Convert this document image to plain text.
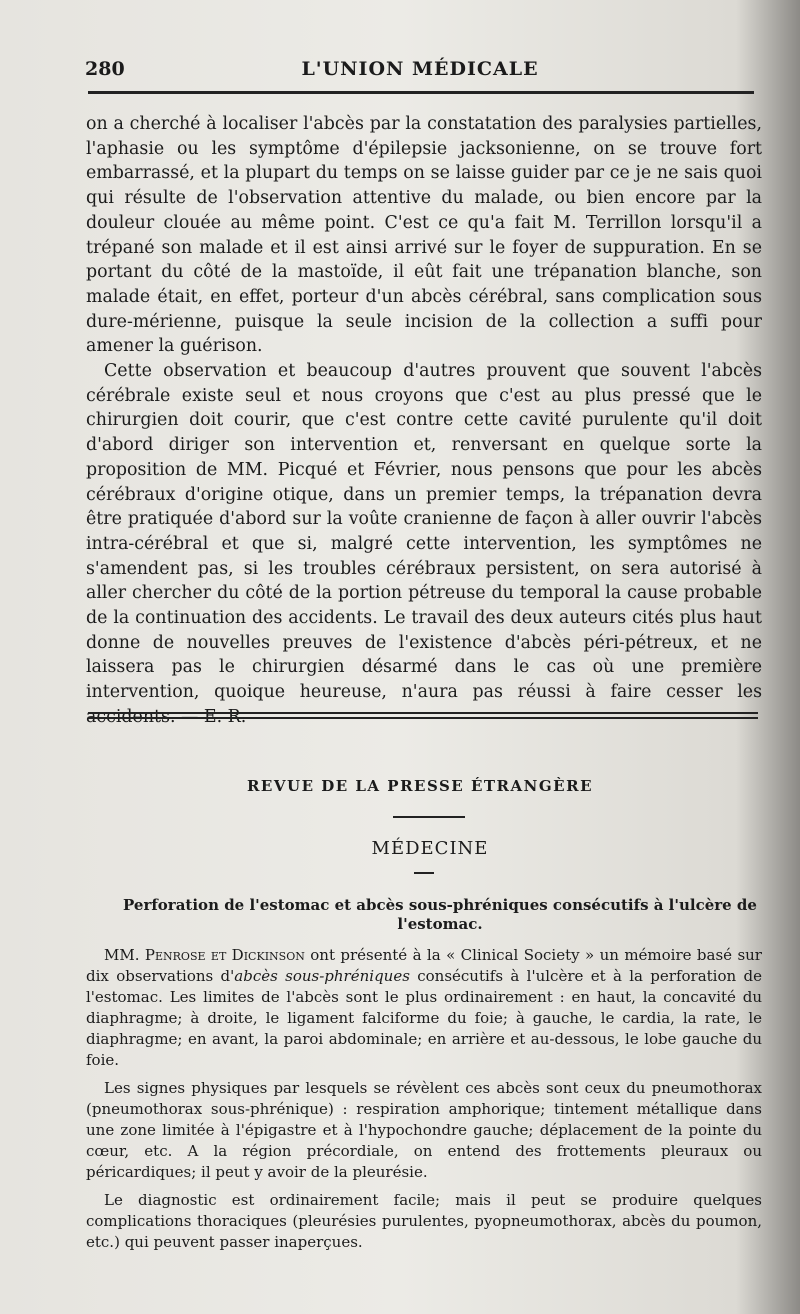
280	L'UNION MÉDICALE

on a cherché à localiser l'abcès par la constatation des paralysies partielles, l'aphasie ou les symptôme d'épilepsie jacksonienne, on se trouve fort embarrassé, et la plupart du temps on se laisse guider par ce je ne sais quoi qui résulte de l'observation attentive du malade, ou bien encore par la douleur clouée au même point. C'est ce qu'a fait M. Terrillon lorsqu'il a trépané son malade et il est ainsi arrivé sur le foyer de suppuration. En se portant du côté de la mastoïde, il eût fait une trépanation blanche, son malade était, en effet, porteur d'un abcès cérébral, sans complication sous dure-mérienne, puisque la seule incision de la collection a suffi pour amener la guérison.

Cette observation et beaucoup d'autres prouvent que souvent l'abcès cérébrale existe seul et nous croyons que c'est au plus pressé que le chirurgien doit courir, que c'est contre cette cavité purulente qu'il doit d'abord diriger son intervention et, renversant en quelque sorte la proposition de MM. Picqué et Février, nous pensons que pour les abcès cérébraux d'origine otique, dans un premier temps, la trépanation devra être pratiquée d'abord sur la voûte cranienne de façon à aller ouvrir l'abcès intra-cérébral et que si, malgré cette intervention, les symptômes ne s'amendent pas, si les troubles cérébraux persistent, on sera autorisé à aller chercher du côté de la portion pétreuse du temporal la cause probable de la continuation des accidents. Le travail des deux auteurs cités plus haut donne de nouvelles preuves de l'existence d'abcès péri-pétreux, et ne laissera pas le chirurgien désarmé dans le cas où une première intervention, quoique heureuse, n'aura pas réussi à faire cesser les accidents. — E. R.

REVUE DE LA PRESSE ÉTRANGÈRE
MÉDECINE
Perforation de l'estomac et abcès sous-phréniques consécutifs à l'ulcère de l'estomac.

MM. Penrose et Dickinson ont présenté à la « Clinical Society » un mémoire basé sur dix observations d'abcès sous-phréniques consécutifs à l'ulcère et à la perforation de l'estomac. Les limites de l'abcès sont le plus ordinairement : en haut, la concavité du diaphragme; à droite, le ligament falciforme du foie; à gauche, le cardia, la rate, le diaphragme; en avant, la paroi abdominale; en arrière et au-dessous, le lobe gauche du foie.

Les signes physiques par lesquels se révèlent ces abcès sont ceux du pneumothorax (pneumothorax sous-phrénique) : respiration amphorique; tintement métallique dans une zone limitée à l'épigastre et à l'hypochondre gauche; déplacement de la pointe du cœur, etc. A la région précordiale, on entend des frottements pleuraux ou péricardiques; il peut y avoir de la pleurésie.

Le diagnostic est ordinairement facile; mais il peut se produire quelques complications thoraciques (pleurésies purulentes, pyopneumothorax, abcès du poumon, etc.) qui peuvent passer inaperçues.
